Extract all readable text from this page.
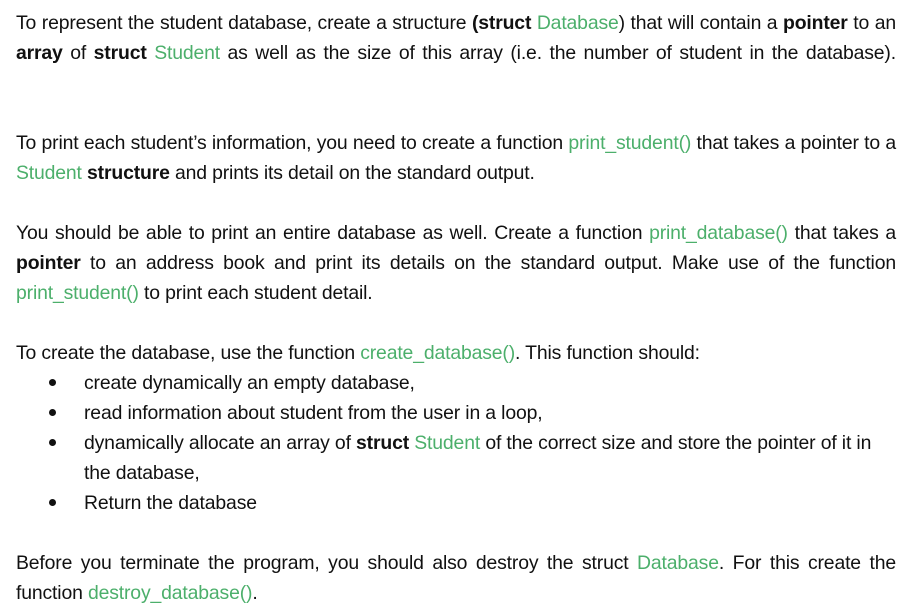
To represent the student database, create a structure (struct Database) that will contain a pointer to an array of struct Student as well as the size of this array (i.e. the number of student in the database).

To print each student’s information, you need to create a function print_student() that takes a pointer to a Student structure and prints its detail on the standard output.

You should be able to print an entire database as well. Create a function print_database() that takes a pointer to an address book and print its details on the standard output. Make use of the function print_student() to print each student detail.

To create the database, use the function create_database(). This function should:

create dynamically an empty database,
read information about student from the user in a loop,
dynamically allocate an array of struct Student of the correct size and store the pointer of it in the database,
Return the database

Before you terminate the program, you should also destroy the struct Database. For this create the function destroy_database().
